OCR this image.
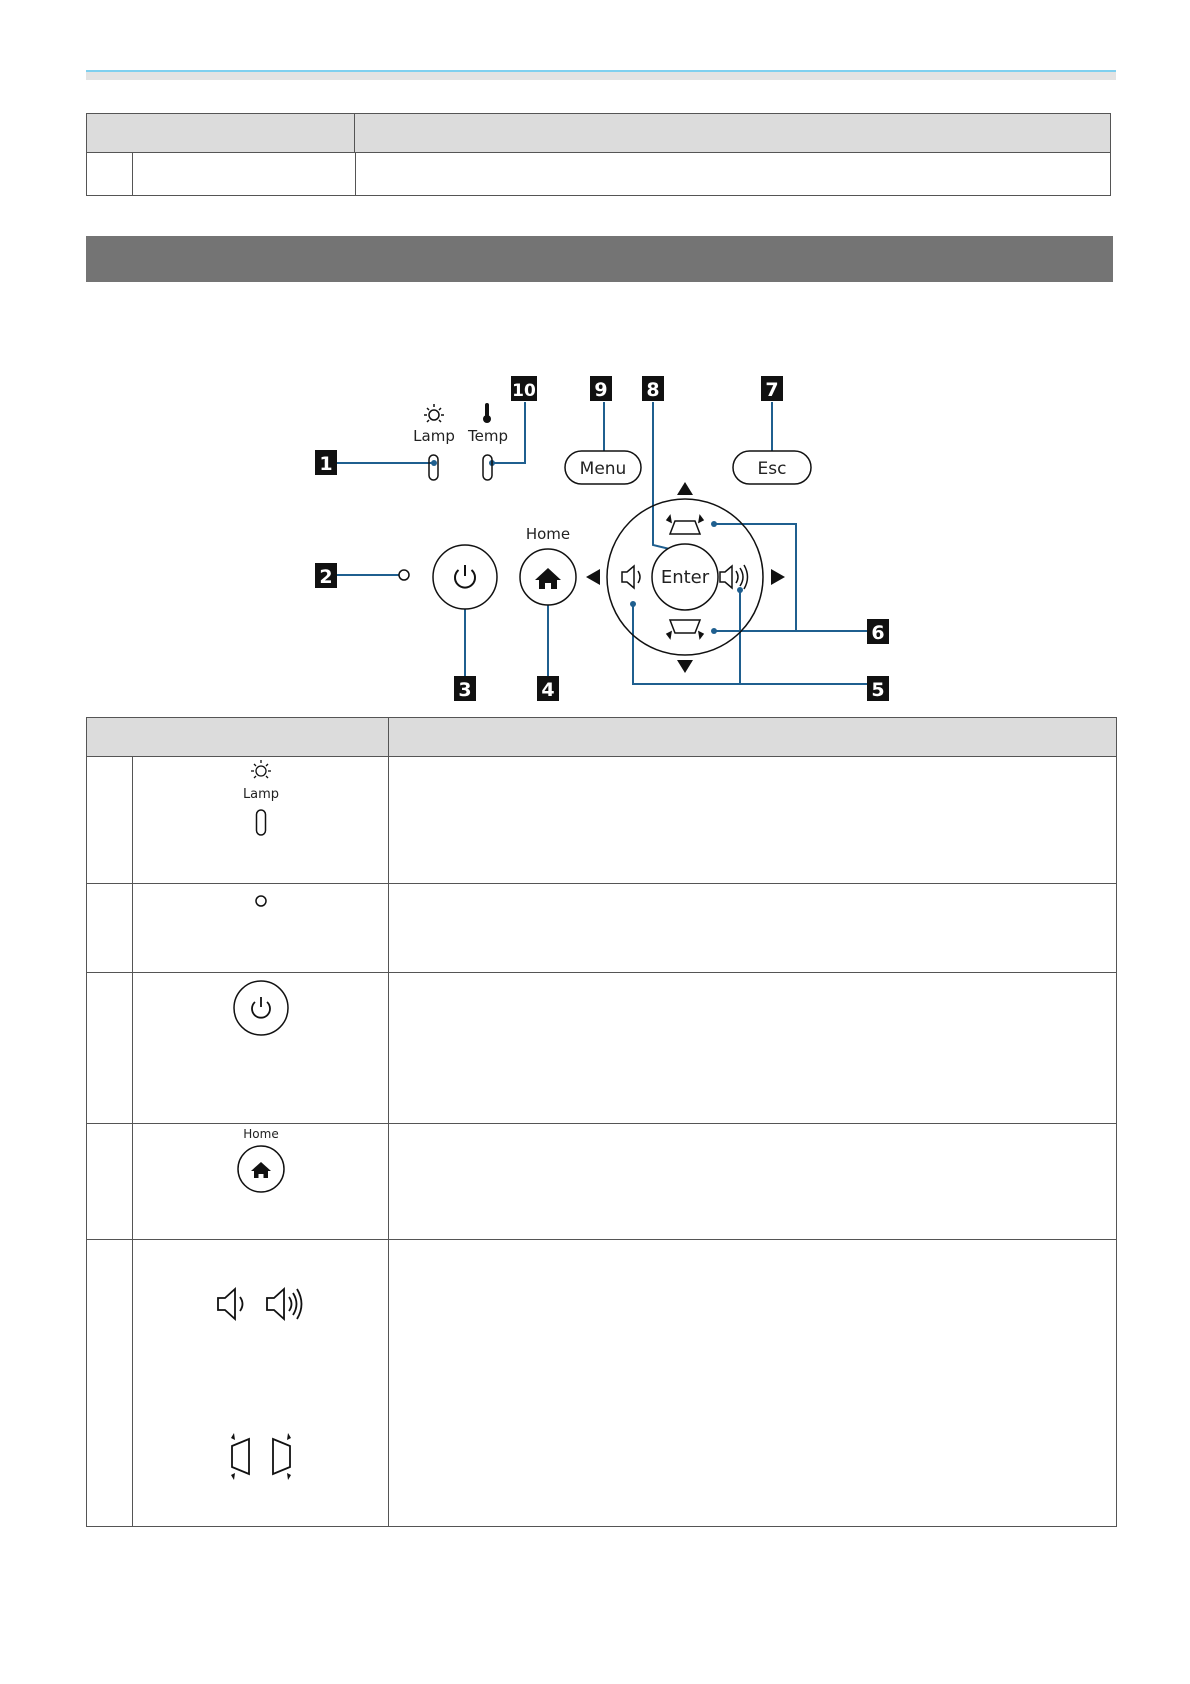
1
2
3	4	5
6
7
8
9
10
Lamp Temp
Menu	Esc
Home
Enter

Lamp	

Home	
